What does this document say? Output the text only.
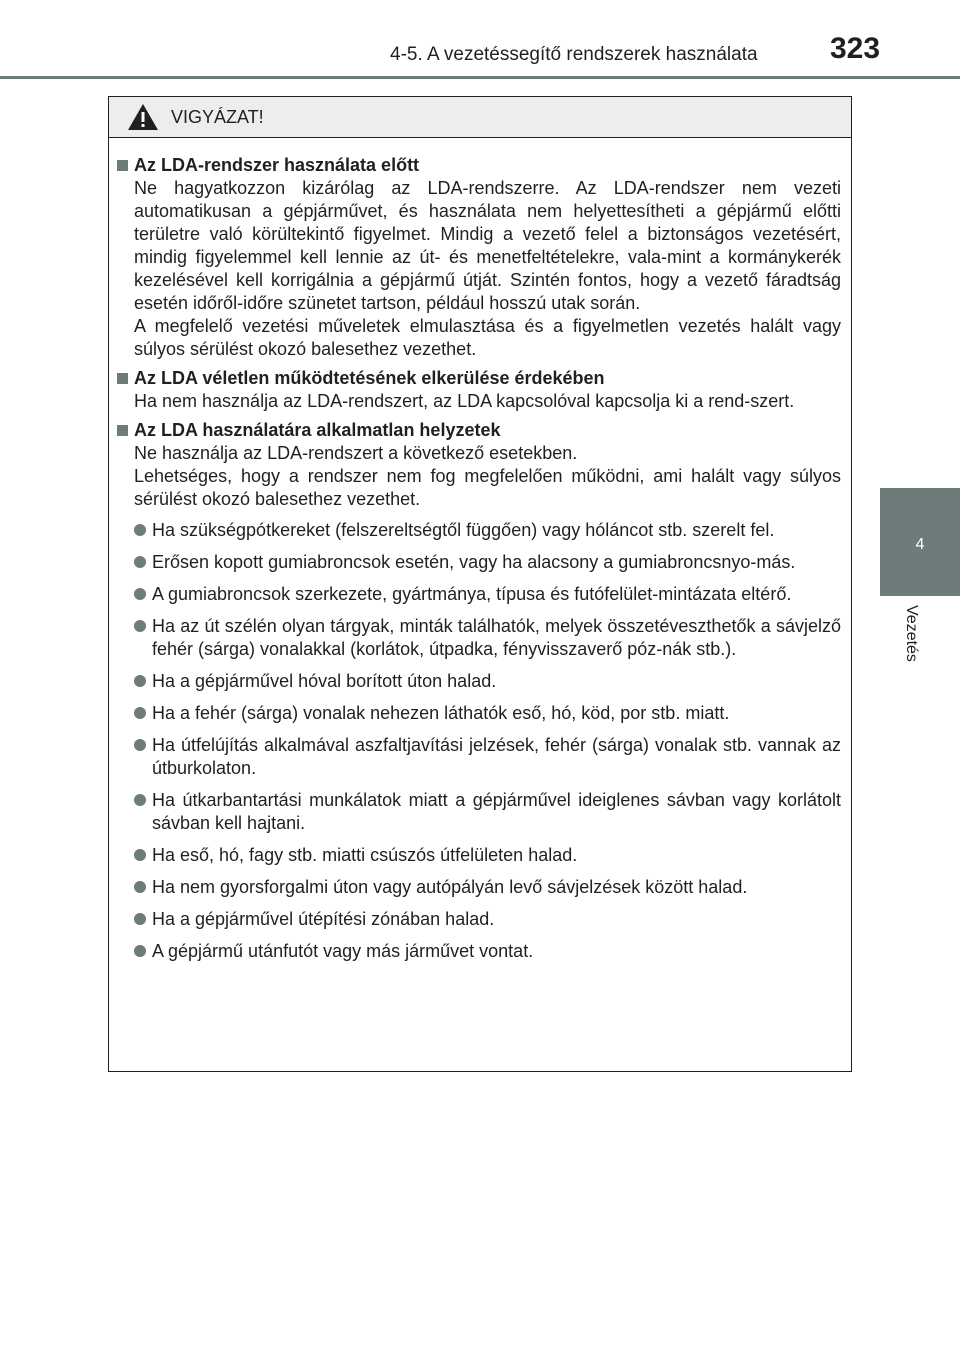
4-5. A vezetéssegítő rendszerek használata 323
4
Vezetés
VIGYÁZAT!
Az LDA-rendszer használata előtt

Ne hagyatkozzon kizárólag az LDA-rendszerre. Az LDA-rendszer nem vezeti automatikusan a gépjárművet, és használata nem helyettesítheti a gépjármű előtti területre való körültekintő figyelmet. Mindig a vezető felel a biztonságos vezetésért, mindig figyelemmel kell lennie az út- és menetfeltételekre, vala-mint a kormánykerék kezelésével kell korrigálnia a gépjármű útját. Szintén fontos, hogy a vezető fáradtság esetén időről-időre szünetet tartson, például hosszú utak során.

A megfelelő vezetési műveletek elmulasztása és a figyelmetlen vezetés halált vagy súlyos sérülést okozó balesethez vezethet.

Az LDA véletlen működtetésének elkerülése érdekében

Ha nem használja az LDA-rendszert, az LDA kapcsolóval kapcsolja ki a rend-szert.

Az LDA használatára alkalmatlan helyzetek

Ne használja az LDA-rendszert a következő esetekben.

Lehetséges, hogy a rendszer nem fog megfelelően működni, ami halált vagy súlyos sérülést okozó balesethez vezethet.

Ha szükségpótkereket (felszereltségtől függően) vagy hóláncot stb. szerelt fel.
Erősen kopott gumiabroncsok esetén, vagy ha alacsony a gumiabroncsnyo-más.
A gumiabroncsok szerkezete, gyártmánya, típusa és futófelület-mintázata eltérő.
Ha az út szélén olyan tárgyak, minták találhatók, melyek összetéveszthetők a sávjelző fehér (sárga) vonalakkal (korlátok, útpadka, fényvisszaverő póz-nák stb.).
Ha a gépjárművel hóval borított úton halad.
Ha a fehér (sárga) vonalak nehezen láthatók eső, hó, köd, por stb. miatt.
Ha útfelújítás alkalmával aszfaltjavítási jelzések, fehér (sárga) vonalak stb. vannak az útburkolaton.
Ha útkarbantartási munkálatok miatt a gépjárművel ideiglenes sávban vagy korlátolt sávban kell hajtani.
Ha eső, hó, fagy stb. miatti csúszós útfelületen halad.
Ha nem gyorsforgalmi úton vagy autópályán levő sávjelzések között halad.
Ha a gépjárművel útépítési zónában halad.
A gépjármű utánfutót vagy más járművet vontat.
